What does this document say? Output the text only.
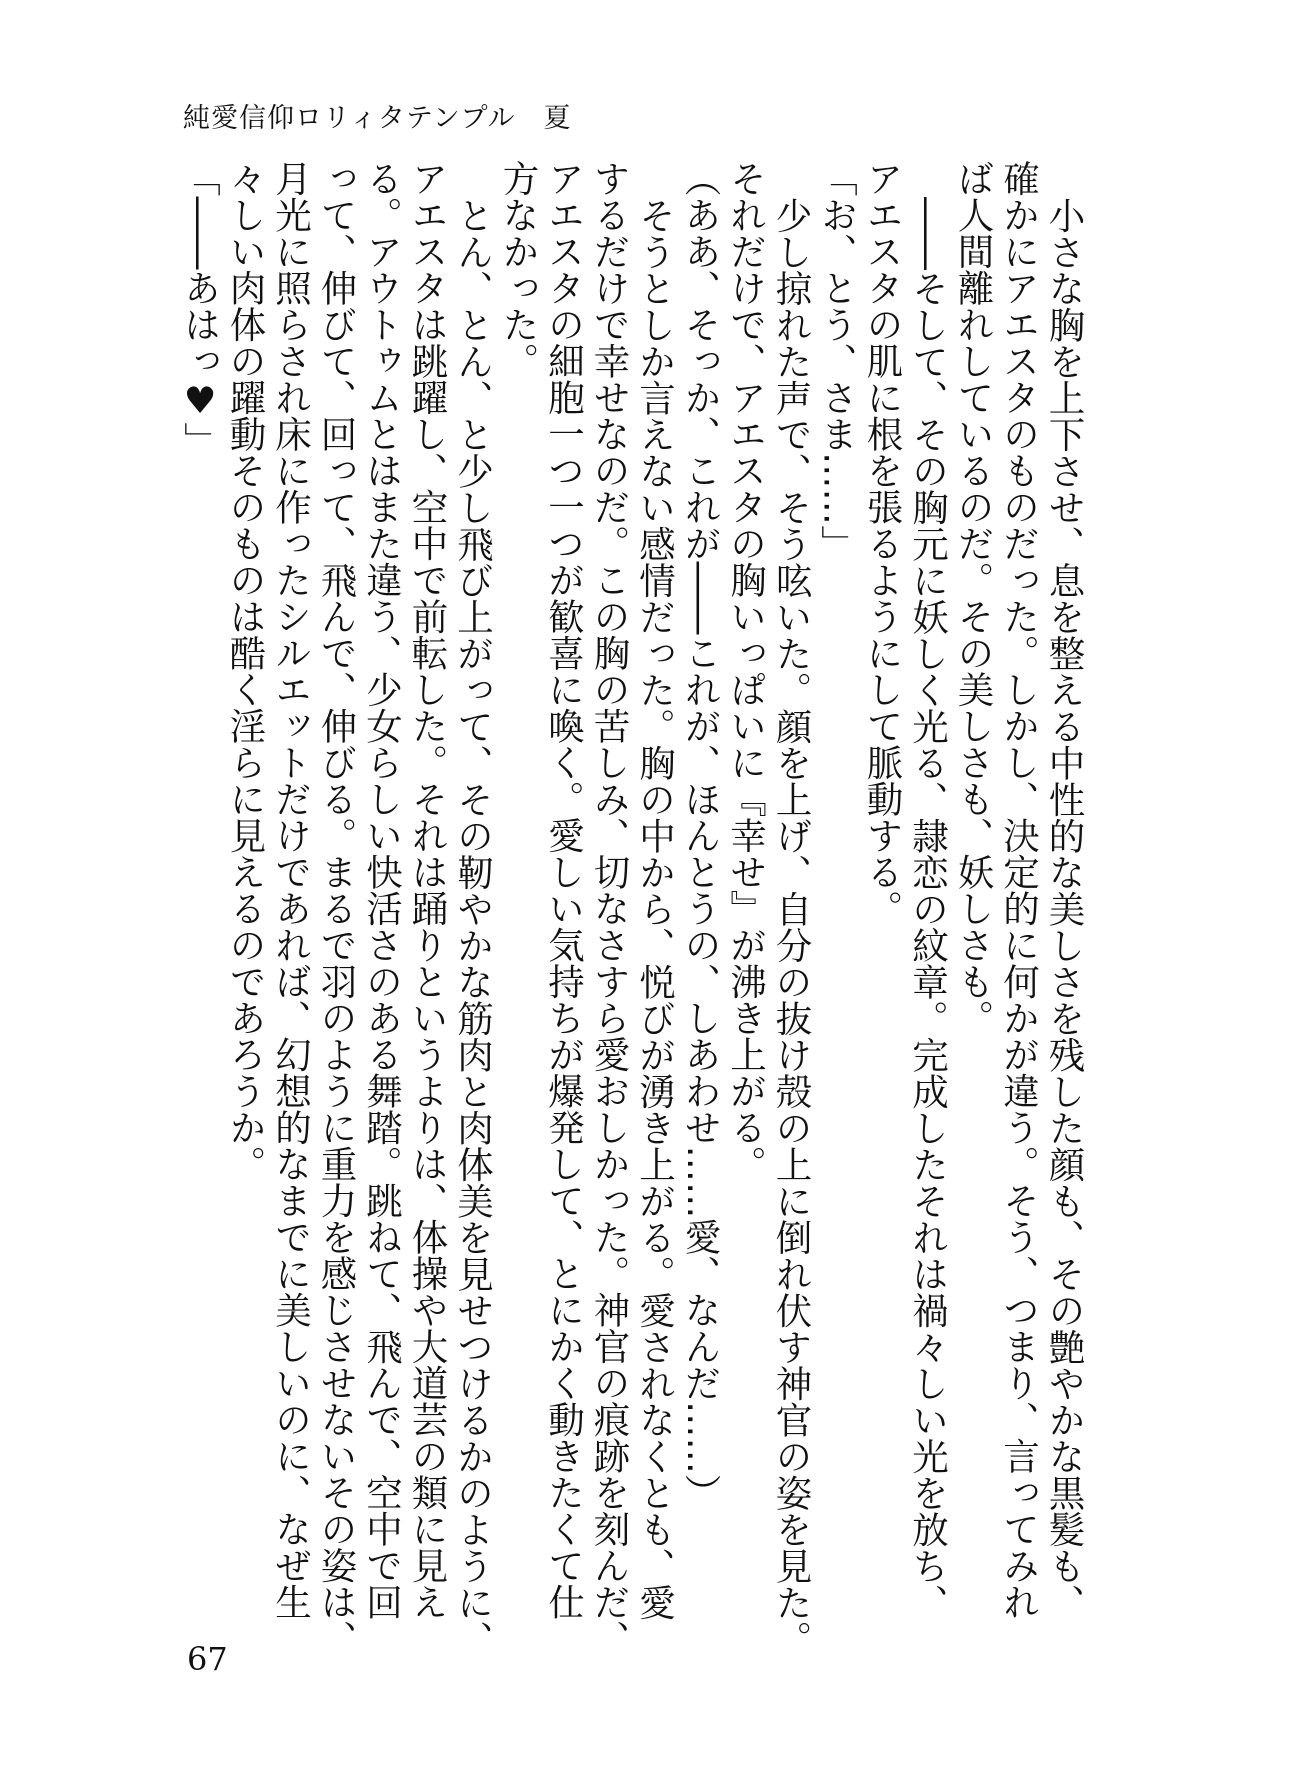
純愛信仰ロリィタテンプル　夏
小さな胸を上下させ、息を整える中性的な美しさを残した顔も、その艶やかな黒髪も、
確かにアエスタのものだった。しかし、決定的に何かが違う。そう、つまり、言ってみれ
ば人間離れしているのだ。その美しさも、妖しさも。
――そして、その胸元に妖しく光る、隷恋の紋章。完成したそれは禍々しい光を放ち、
アエスタの肌に根を張るようにして脈動する。
「お、とう、さま……」
少し掠れた声で、そう呟いた。顔を上げ、自分の抜け殻の上に倒れ伏す神官の姿を見た。
それだけで、アエスタの胸いっぱいに『幸せ』が沸き上がる。
（ああ、そっか、これが――これが、ほんとうの、しあわせ……愛、なんだ……）
そうとしか言えない感情だった。胸の中から、悦びが湧き上がる。愛されなくとも、愛
するだけで幸せなのだ。この胸の苦しみ、切なさすら愛おしかった。神官の痕跡を刻んだ、
アエスタの細胞一つ一つが歓喜に喚く。愛しい気持ちが爆発して、とにかく動きたくて仕
方なかった。
とん、とん、と少し飛び上がって、その靭やかな筋肉と肉体美を見せつけるかのように、
アエスタは跳躍し、空中で前転した。それは踊りというよりは、体操や大道芸の類に見え
る。アウトゥムとはまた違う、少女らしい快活さのある舞踏。跳ねて、飛んで、空中で回
って、伸びて、回って、飛んで、伸びる。まるで羽のように重力を感じさせないその姿は、
月光に照らされ床に作ったシルエットだけであれば、幻想的なまでに美しいのに、なぜ生
々しい肉体の躍動そのものは酷く淫らに見えるのであろうか。
「――あはっ♥」
67
